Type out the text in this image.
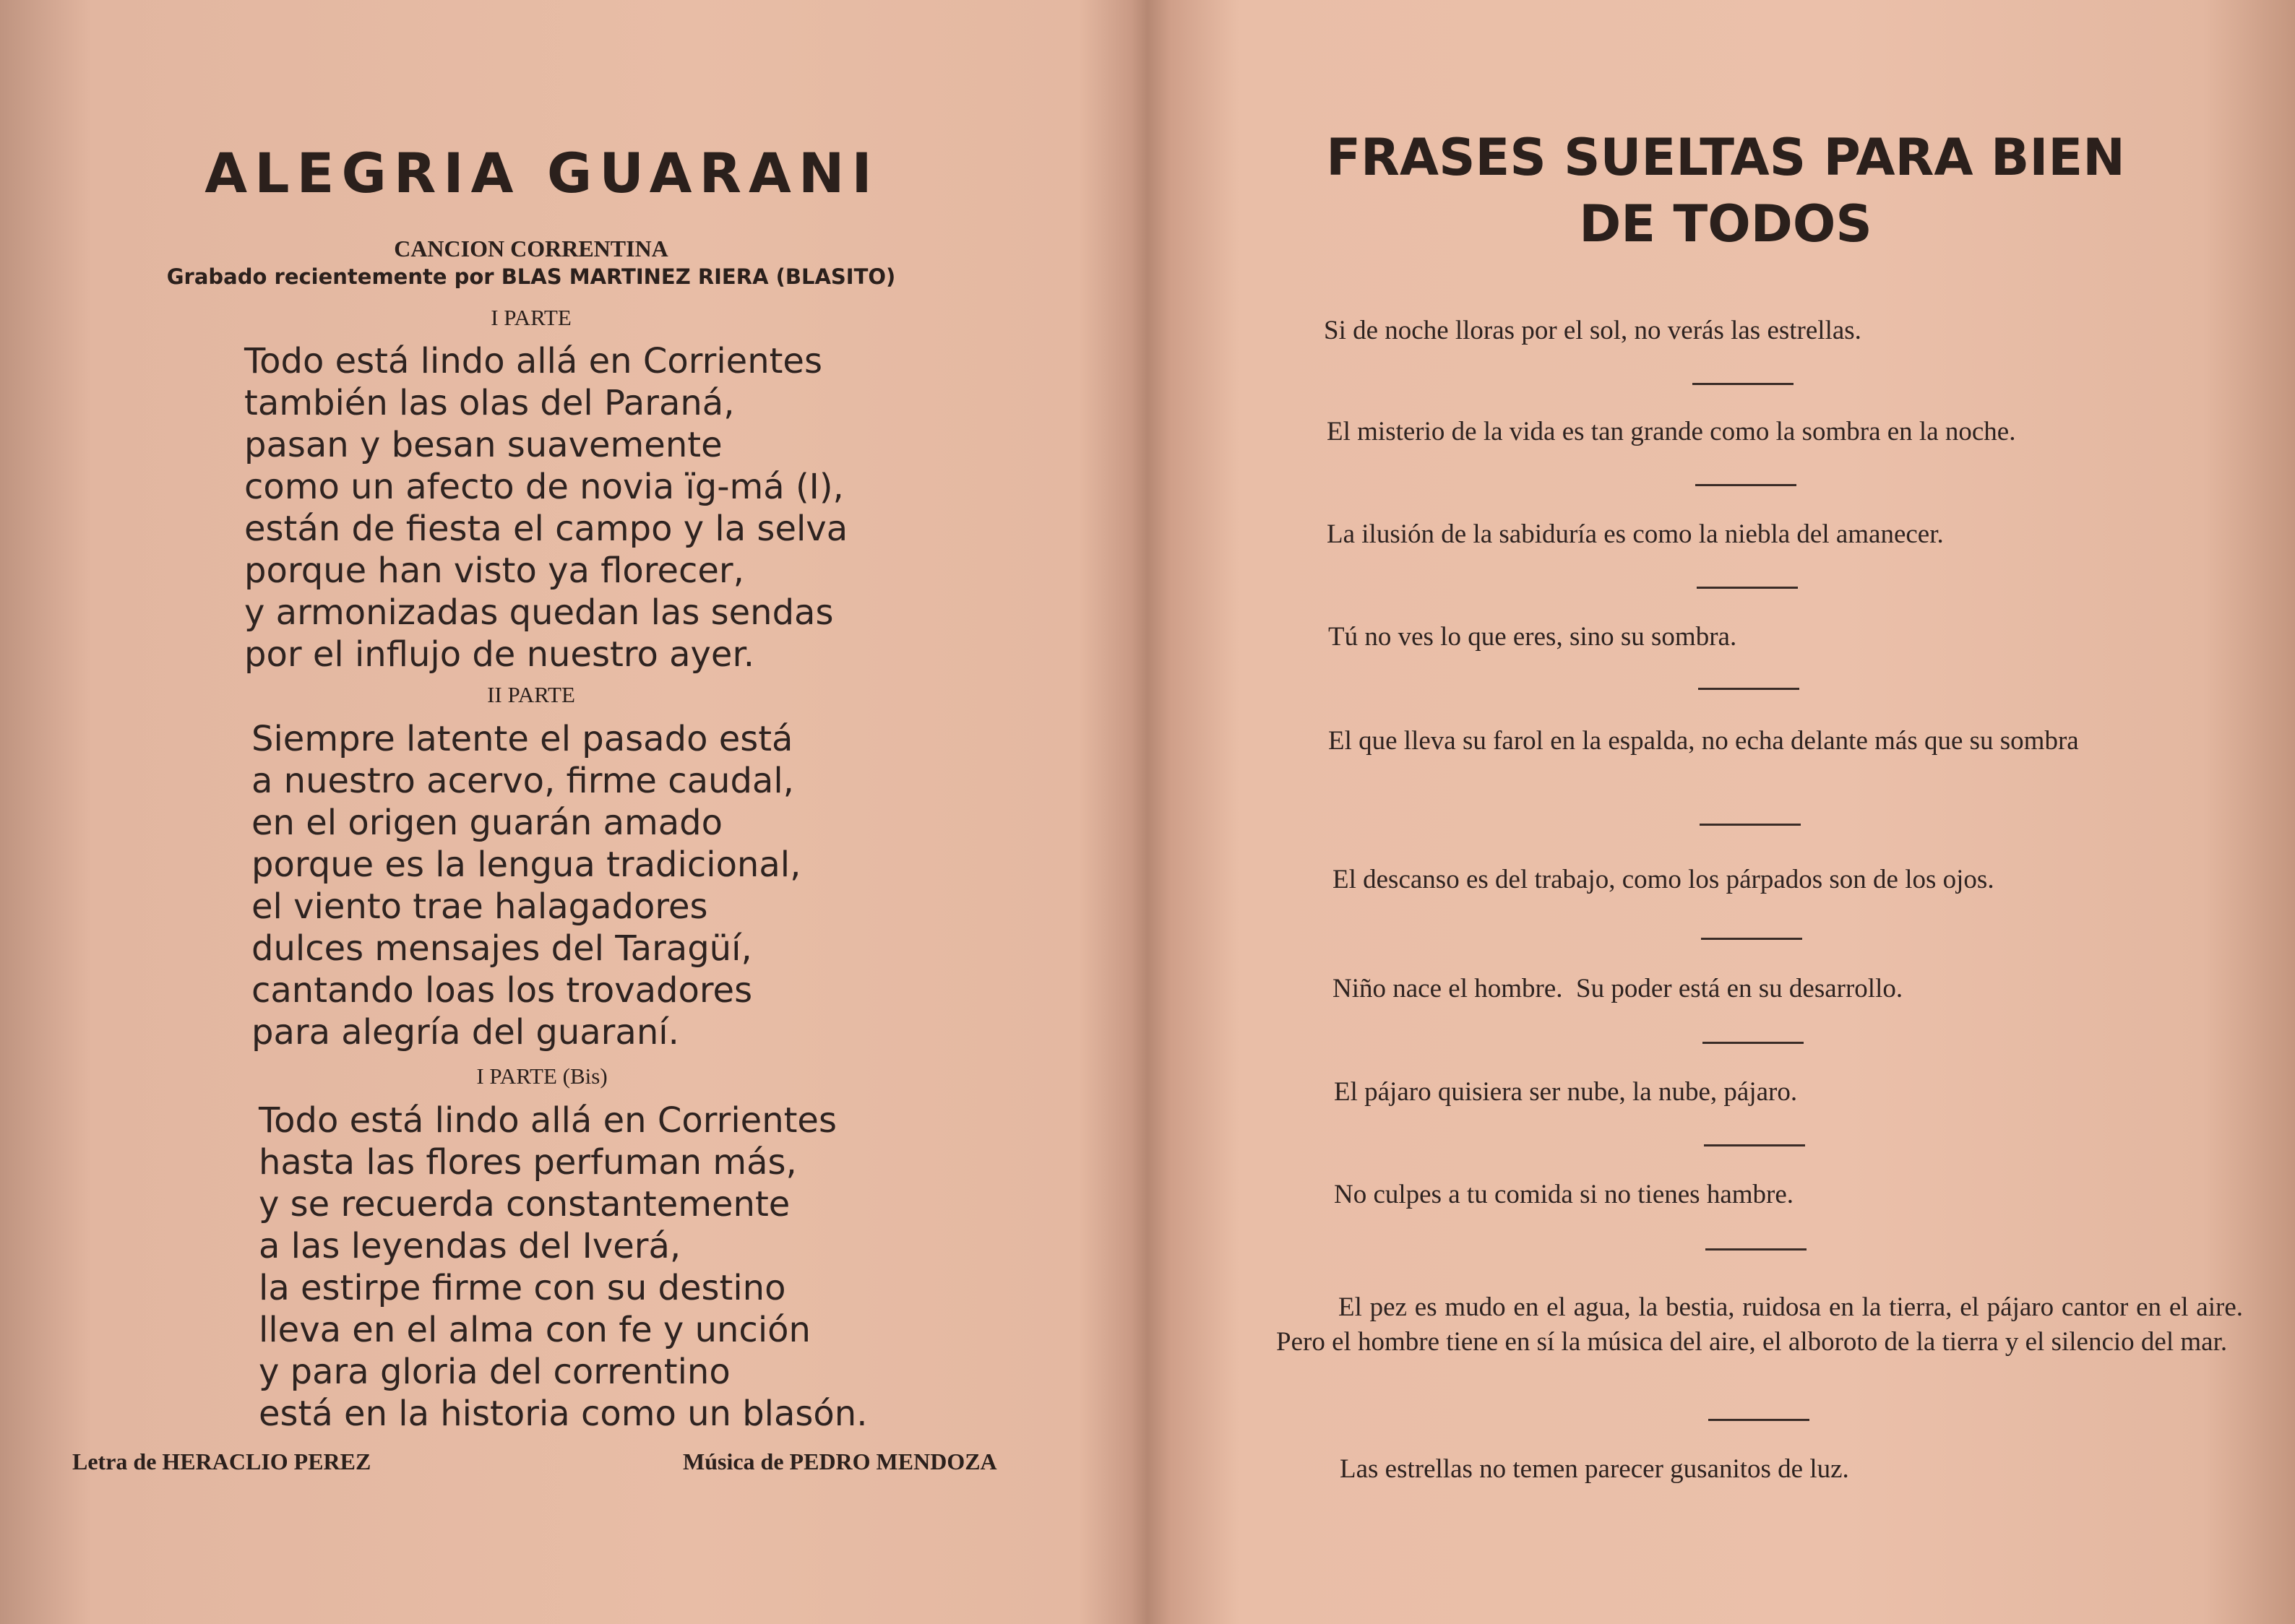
ALEGRIA GUARANI
CANCION CORRENTINA
Grabado recientemente por BLAS MARTINEZ RIERA (BLASITO)
I PARTE
Todo está lindo allá en Corrientes
también las olas del Paraná,
pasan y besan suavemente
como un afecto de novia ïg-má (I),
están de fiesta el campo y la selva
porque han visto ya florecer,
y armonizadas quedan las sendas
por el influjo de nuestro ayer.
II PARTE
Siempre latente el pasado está
a nuestro acervo, firme caudal,
en el origen guarán amado
porque es la lengua tradicional,
el viento trae halagadores
dulces mensajes del Taragüí,
cantando loas los trovadores
para alegría del guaraní.
I PARTE (Bis)
Todo está lindo allá en Corrientes
hasta las flores perfuman más,
y se recuerda constantemente
a las leyendas del Iverá,
la estirpe firme con su destino
lleva en el alma con fe y unción
y para gloria del correntino
está en la historia como un blasón.
Letra de HERACLIO PEREZ	Música de PEDRO MENDOZA
FRASES SUELTAS PARA BIEN
DE TODOS
Si de noche lloras por el sol, no verás las estrellas.
El misterio de la vida es tan grande como la sombra en la noche.
La ilusión de la sabiduría es como la niebla del amanecer.
Tú no ves lo que eres, sino su sombra.
El que lleva su farol en la espalda, no echa delante más que su sombra
El descanso es del trabajo, como los párpados son de los ojos.
Niño nace el hombre.  Su poder está en su desarrollo.
El pájaro quisiera ser nube, la nube, pájaro.
No culpes a tu comida si no tienes hambre.
El pez es mudo en el agua, la bestia, ruidosa en la tierra, el pájaro cantor en el aire. Pero el hombre tiene en sí la música del aire, el alboroto de la tierra y el silencio del mar.
Las estrellas no temen parecer gusanitos de luz.
